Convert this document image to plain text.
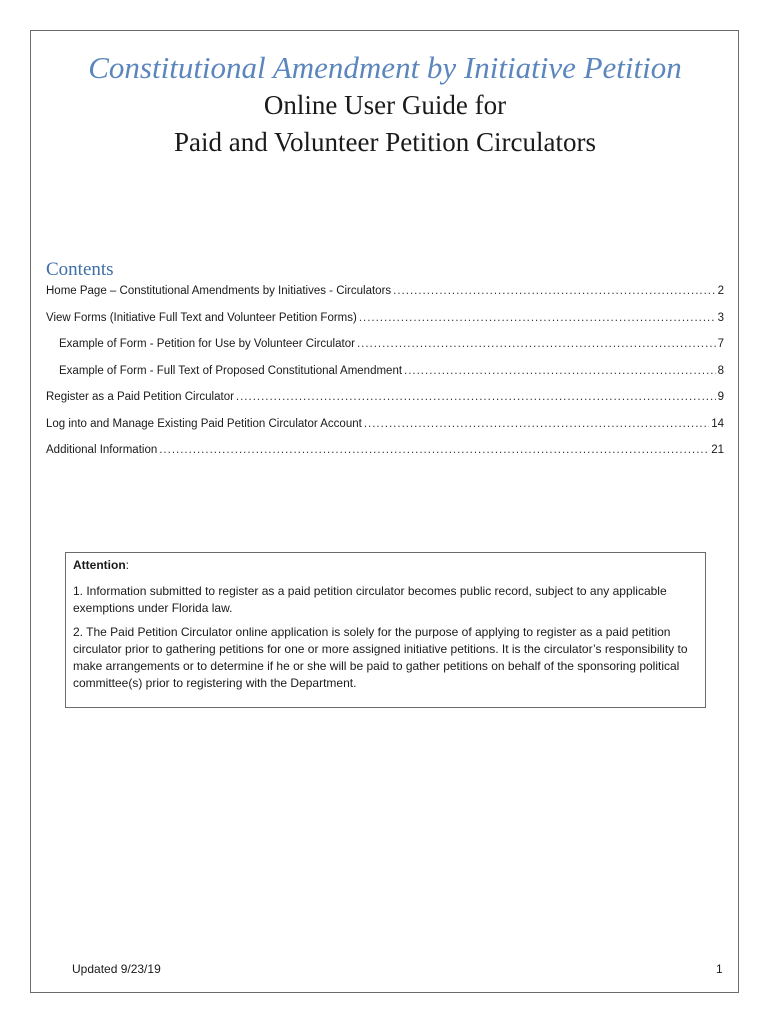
Constitutional Amendment by Initiative Petition
Online User Guide for
Paid and Volunteer Petition Circulators
Contents
Home Page – Constitutional Amendments by Initiatives - Circulators .....	2
View Forms (Initiative Full Text and Volunteer Petition Forms) .....	3
Example of Form - Petition for Use by Volunteer Circulator .....	7
Example of Form - Full Text of Proposed Constitutional Amendment .....	8
Register as a Paid Petition Circulator .....	9
Log into and Manage Existing Paid Petition Circulator Account .....	14
Additional Information .....	21
Attention:

1. Information submitted to register as a paid petition circulator becomes public record, subject to any applicable exemptions under Florida law.

2. The Paid Petition Circulator online application is solely for the purpose of applying to register as a paid petition circulator prior to gathering petitions for one or more assigned initiative petitions. It is the circulator’s responsibility to make arrangements or to determine if he or she will be paid to gather petitions on behalf of the sponsoring political committee(s) prior to registering with the Department.

Updated 9/23/19	1
